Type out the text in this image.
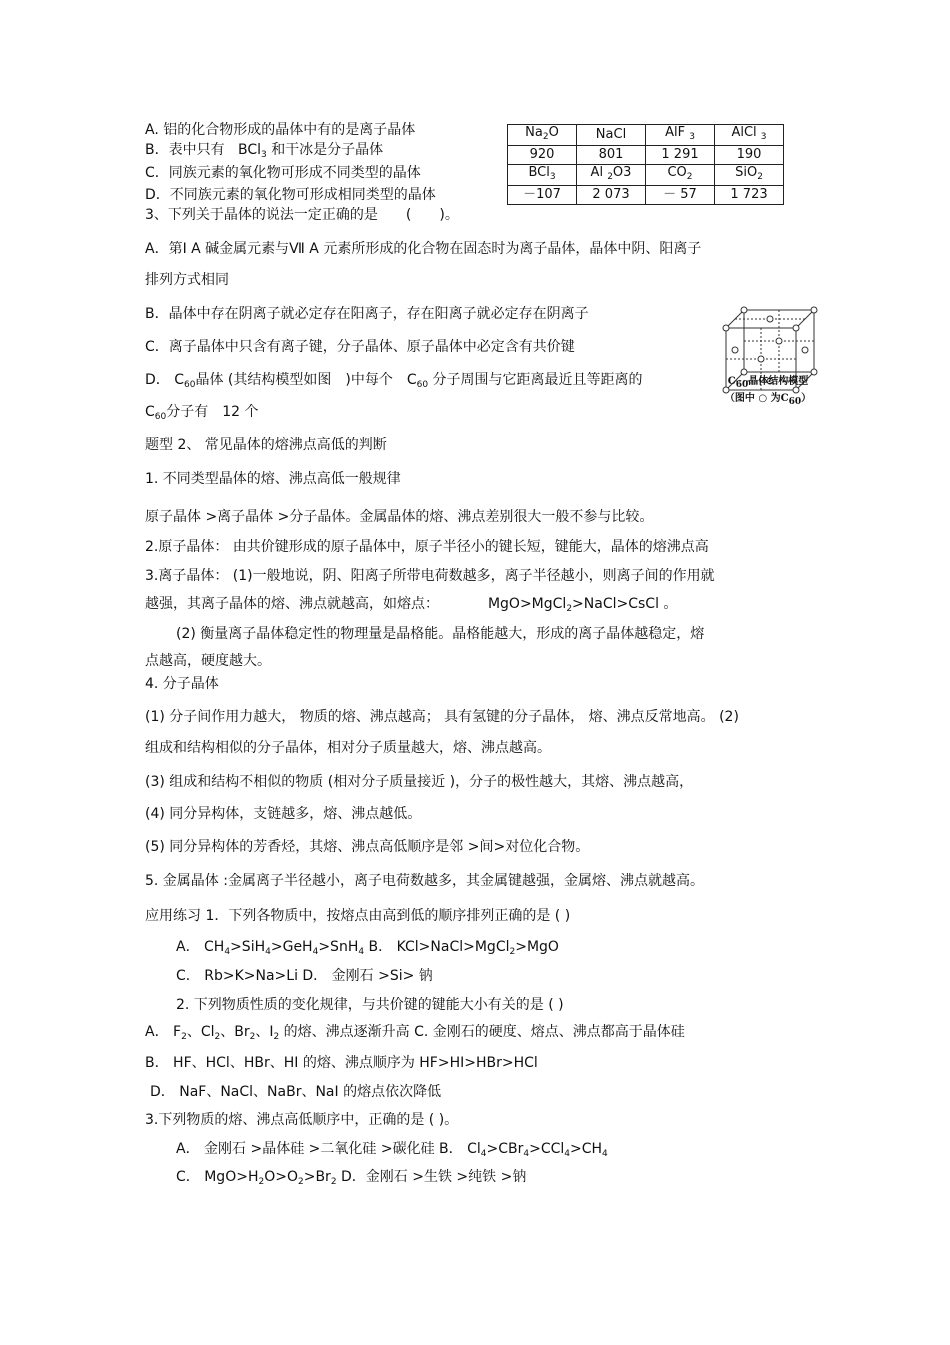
A. 铝的化合物形成的晶体中有的是离子晶体
B．表中只有 BCl$_3$ 和干冰是分子晶体
C．同族元素的氧化物可形成不同类型的晶体
D．不同族元素的氧化物可形成相同类型的晶体
3、下列关于晶体的说法一定正确的是　　(　　)。
$Na_2O$	NaCl	AlF $_3$	AlCl $_3$
920	801	1 291	190
BCl$_3$	Al $_2$O3	$CO_2$	SiO$_2$
－107	2 073	－ 57	1 723
A．第Ⅰ A 碱金属元素与Ⅶ A 元素所形成的化合物在固态时为离子晶体，晶体中阴、阳离子
排列方式相同
B．晶体中存在阴离子就必定存在阳离子，存在阳离子就必定存在阴离子
C．离子晶体中只含有离子键，分子晶体、原子晶体中必定含有共价键
D． $C_{60}$晶体 (其结构模型如图　)中每个　$C_{60}$ 分子周围与它距离最近且等距离的
$C_{60}$分子有　12 个
$C_{60}$晶体结构模型
（图中 ○ 为$C_{60}$）
题型 2、 常见晶体的熔沸点高低的判断
1. 不同类型晶体的熔、沸点高低一般规律
原子晶体 >离子晶体 >分子晶体。金属晶体的熔、沸点差别很大一般不参与比较。
2.原子晶体： 由共价键形成的原子晶体中，原子半径小的键长短，键能大，晶体的熔沸点高
3.离子晶体： (1)一般地说，阴、阳离子所带电荷数越多，离子半径越小，则离子间的作用就
越强，其离子晶体的熔、沸点就越高，如熔点：	MgO>MgCl$_2$>NaCl>CsCl 。
(2) 衡量离子晶体稳定性的物理量是晶格能。晶格能越大，形成的离子晶体越稳定，熔
点越高，硬度越大。
4. 分子晶体
(1) 分子间作用力越大， 物质的熔、沸点越高； 具有氢键的分子晶体， 熔、沸点反常地高。 (2)
组成和结构相似的分子晶体，相对分子质量越大，熔、沸点越高。
(3) 组成和结构不相似的物质 (相对分子质量接近 )，分子的极性越大，其熔、沸点越高，
(4) 同分异构体，支链越多，熔、沸点越低。
(5) 同分异构体的芳香烃，其熔、沸点高低顺序是邻 >间>对位化合物。
5. 金属晶体 :金属离子半径越小，离子电荷数越多，其金属键越强，金属熔、沸点就越高。
应用练习 1．下列各物质中，按熔点由高到低的顺序排列正确的是 ( )
A． $CH_4>SiH_4>GeH_4>SnH_4$ B． KCl>NaCl>MgCl$_2$>MgO
C． Rb>K>Na>Li D． 金刚石 >Si> 钠
2. 下列物质性质的变化规律，与共价键的键能大小有关的是 ( )
A． $F_2$、$Cl_2$、$Br_2$、$I_2$ 的熔、沸点逐渐升高 C. 金刚石的硬度、熔点、沸点都高于晶体硅
B． HF、HCl、HBr、HI 的熔、沸点顺序为 HF>HI>HBr>HCl
D． NaF、NaCl、NaBr、NaI 的熔点依次降低
3.下列物质的熔、沸点高低顺序中，正确的是 ( )。
A． 金刚石 >晶体硅 >二氧化硅 >碳化硅 B． $Cl_4>CBr_4>CCl_4>CH_4$
C． $MgO>H_2O>O_2>Br_2$ D．金刚石 >生铁 >纯铁 >钠
